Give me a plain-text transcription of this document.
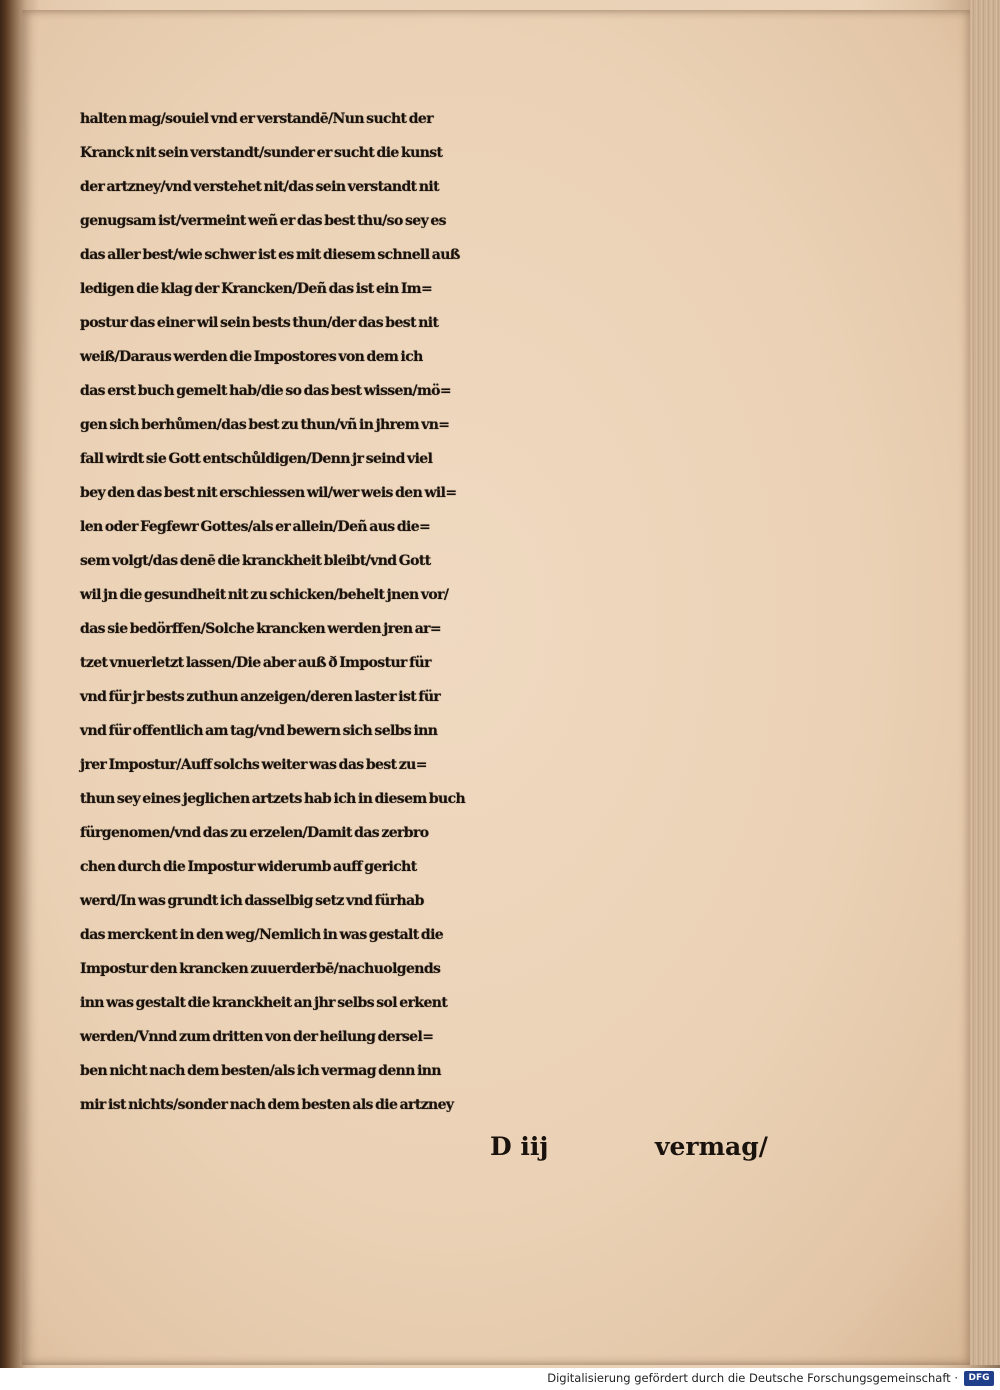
halten mag/souiel vnd er verstandē/Nun sucht der
Kranck nit sein verstandt/sunder er sucht die kunst
der artzney/vnd verstehet nit/das sein verstandt nit
genugsam ist/vermeint weñ er das best thu/so sey es
das aller best/wie schwer ist es mit diesem schnell auß
ledigen die klag der Krancken/Deñ das ist ein Im=
postur das einer wil sein bests thun/der das best nit
weiß/Daraus werden die Impostores von dem ich
das erst buch gemelt hab/die so das best wissen/mö=
gen sich berhůmen/das best zu thun/vñ in jhrem vn=
fall wirdt sie Gott entschůldigen/Denn jr seind viel
bey den das best nit erschiessen wil/wer weis den wil=
len oder Fegfewr Gottes/als er allein/Deñ aus die=
sem volgt/das denē die kranckheit bleibt/vnd Gott
wil jn die gesundheit nit zu schicken/behelt jnen vor/
das sie bedörffen/Solche krancken werden jren ar=
tzet vnuerletzt lassen/Die aber auß ð Impostur für
vnd für jr bests zuthun anzeigen/deren laster ist für
vnd für offentlich am tag/vnd bewern sich selbs inn
jrer Impostur/Auff solchs weiter was das best zu=
thun sey eines jeglichen artzets hab ich in diesem buch
fürgenomen/vnd das zu erzelen/Damit das zerbro
chen durch die Impostur widerumb auff gericht
werd/In was grundt ich dasselbig setz vnd fürhab
das merckent in den weg/Nemlich in was gestalt die
Impostur den krancken zuuerderbē/nachuolgends
inn was gestalt die kranckheit an jhr selbs sol erkent
werden/Vnnd zum dritten von der heilung dersel=
ben nicht nach dem besten/als ich vermag denn inn
mir ist nichts/sonder nach dem besten als die artzney
D iij	vermag/
Digitalisierung gefördert durch die Deutsche Forschungsgemeinschaft ·	DFG
